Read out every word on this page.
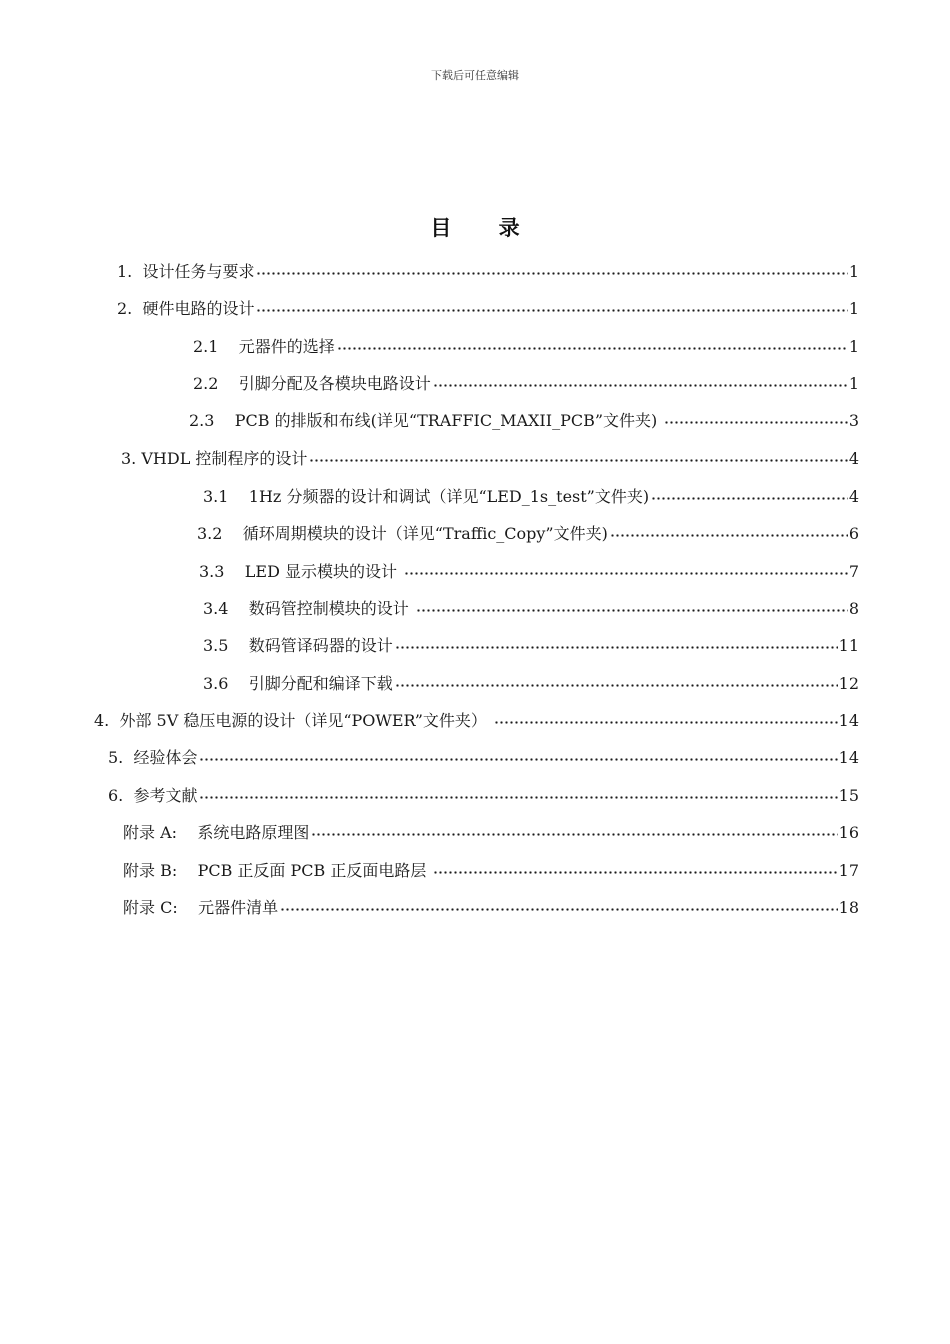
下载后可任意编辑
目 录
1.  设计任务与要求	1
2.  硬件电路的设计	1
2.1    元器件的选择	1
2.2    引脚分配及各模块电路设计	1
2.3    PCB 的排版和布线(详见“TRAFFIC_MAXII_PCB”文件夹)	3
3. VHDL 控制程序的设计	4
3.1    1Hz 分频器的设计和调试（详见“LED_1s_test”文件夹)	4
3.2    循环周期模块的设计（详见“Traffic_Copy”文件夹)	6
3.3    LED 显示模块的设计	7
3.4    数码管控制模块的设计	8
3.5    数码管译码器的设计	11
3.6    引脚分配和编译下载	12
4.  外部 5V 稳压电源的设计（详见“POWER”文件夹）	14
5.  经验体会	14
6.  参考文献	15
附录 A:    系统电路原理图	16
附录 B:    PCB 正反面 PCB 正反面电路层	17
附录 C:    元器件清单	18
